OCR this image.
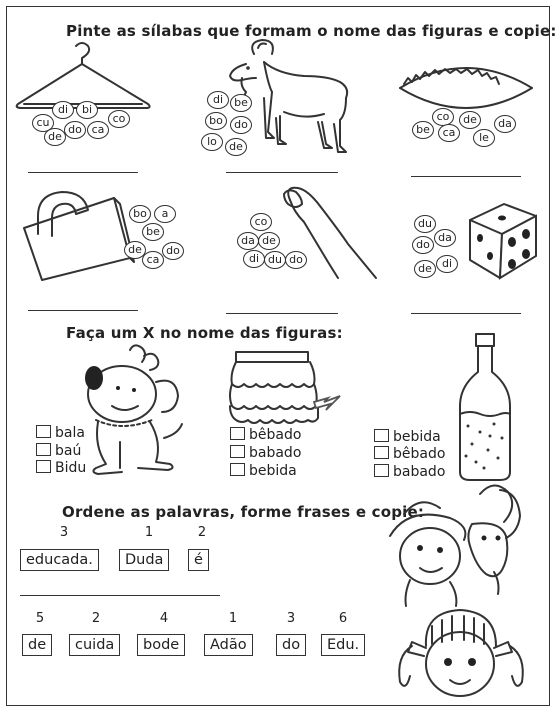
Pinte as sílabas que formam o nome das figuras e copie:
cu
di	bi
de
do ca
co
di	be
bo	do
lo	de
co	de	da
be	ca	le
bo	a
be
de	do
ca
co
da de
di du do
du
da
do
de di
Faça um X no nome das figuras:
bala
baú
Bidu
bêbado
babado
bebida
bebida
bêbado
babado
Ordene as palavras, forme frases e copie:
3
educada.
1
Duda
2
é
5
de
2
cuida
4
bode
1
Adão
3
do
6
Edu.
